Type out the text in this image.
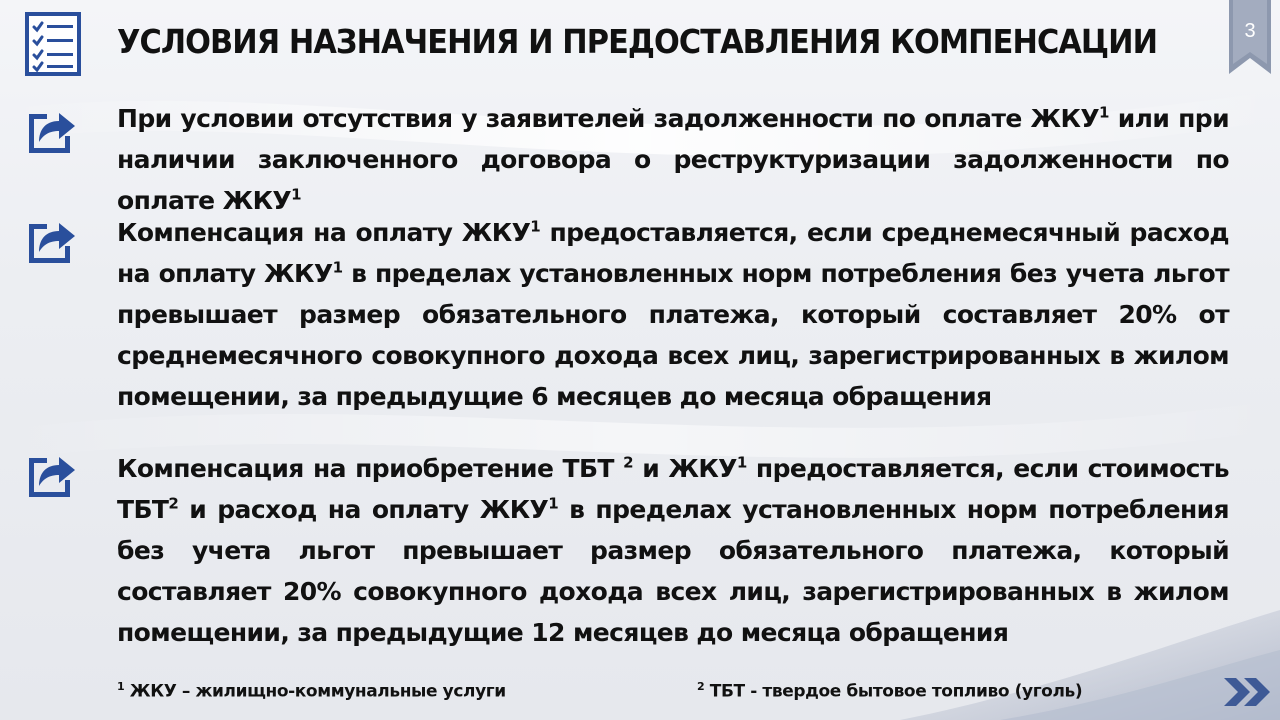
УСЛОВИЯ НАЗНАЧЕНИЯ И ПРЕДОСТАВЛЕНИЯ КОМПЕНСАЦИИ	3
При условии отсутствия у заявителей задолженности по оплате ЖКУ$^1$ или при наличии заключенного договора о реструктуризации задолженности по оплате ЖКУ$^1$
Компенсация на оплату ЖКУ$^1$ предоставляется, если среднемесячный расход на оплату ЖКУ$^1$ в пределах установленных норм потребления без учета льгот превышает размер обязательного платежа, который составляет 20% от среднемесячного совокупного дохода всех лиц, зарегистрированных в жилом помещении, за предыдущие 6 месяцев до месяца обращения
Компенсация на приобретение ТБТ $^2$ и ЖКУ$^1$ предоставляется, если стоимость ТБТ$^2$ и расход на оплату ЖКУ$^1$ в пределах установленных норм потребления без учета льгот превышает размер обязательного платежа, который составляет 20% совокупного дохода всех лиц, зарегистрированных в жилом помещении, за предыдущие 12 месяцев до месяца обращения
$^1$ ЖКУ – жилищно-коммунальные услуги	$^2$ ТБТ - твердое бытовое топливо (уголь)
